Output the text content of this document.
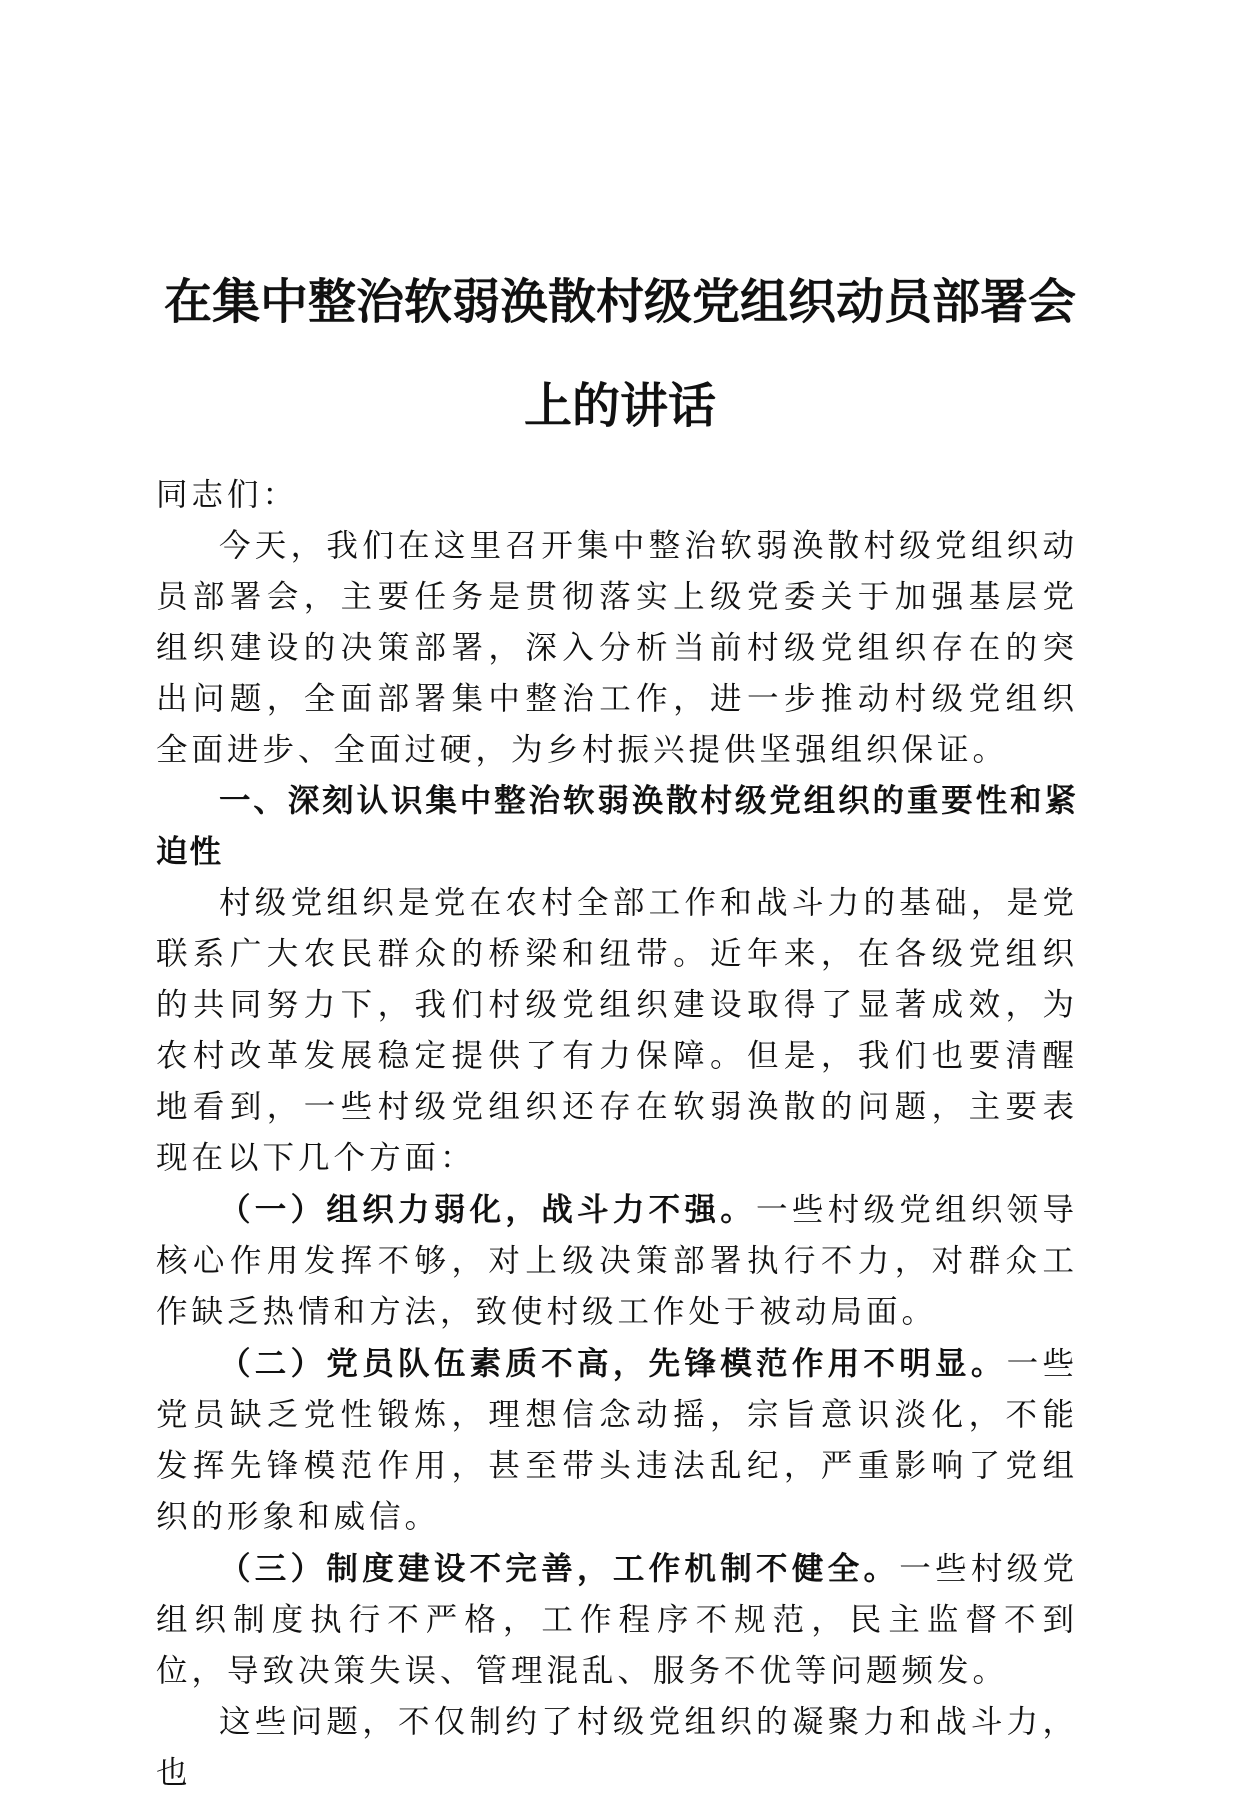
在集中整治软弱涣散村级党组织动员部署会上的讲话

同志们：

今天，我们在这里召开集中整治软弱涣散村级党组织动员部署会，主要任务是贯彻落实上级党委关于加强基层党组织建设的决策部署，深入分析当前村级党组织存在的突出问题，全面部署集中整治工作，进一步推动村级党组织全面进步、全面过硬，为乡村振兴提供坚强组织保证。

一、深刻认识集中整治软弱涣散村级党组织的重要性和紧迫性

村级党组织是党在农村全部工作和战斗力的基础，是党联系广大农民群众的桥梁和纽带。近年来，在各级党组织的共同努力下，我们村级党组织建设取得了显著成效，为农村改革发展稳定提供了有力保障。但是，我们也要清醒地看到，一些村级党组织还存在软弱涣散的问题，主要表现在以下几个方面：

（一）组织力弱化，战斗力不强。一些村级党组织领导核心作用发挥不够，对上级决策部署执行不力，对群众工作缺乏热情和方法，致使村级工作处于被动局面。

（二）党员队伍素质不高，先锋模范作用不明显。一些党员缺乏党性锻炼，理想信念动摇，宗旨意识淡化，不能发挥先锋模范作用，甚至带头违法乱纪，严重影响了党组织的形象和威信。

（三）制度建设不完善，工作机制不健全。一些村级党组织制度执行不严格，工作程序不规范，民主监督不到位，导致决策失误、管理混乱、服务不优等问题频发。

这些问题，不仅制约了村级党组织的凝聚力和战斗力，也
